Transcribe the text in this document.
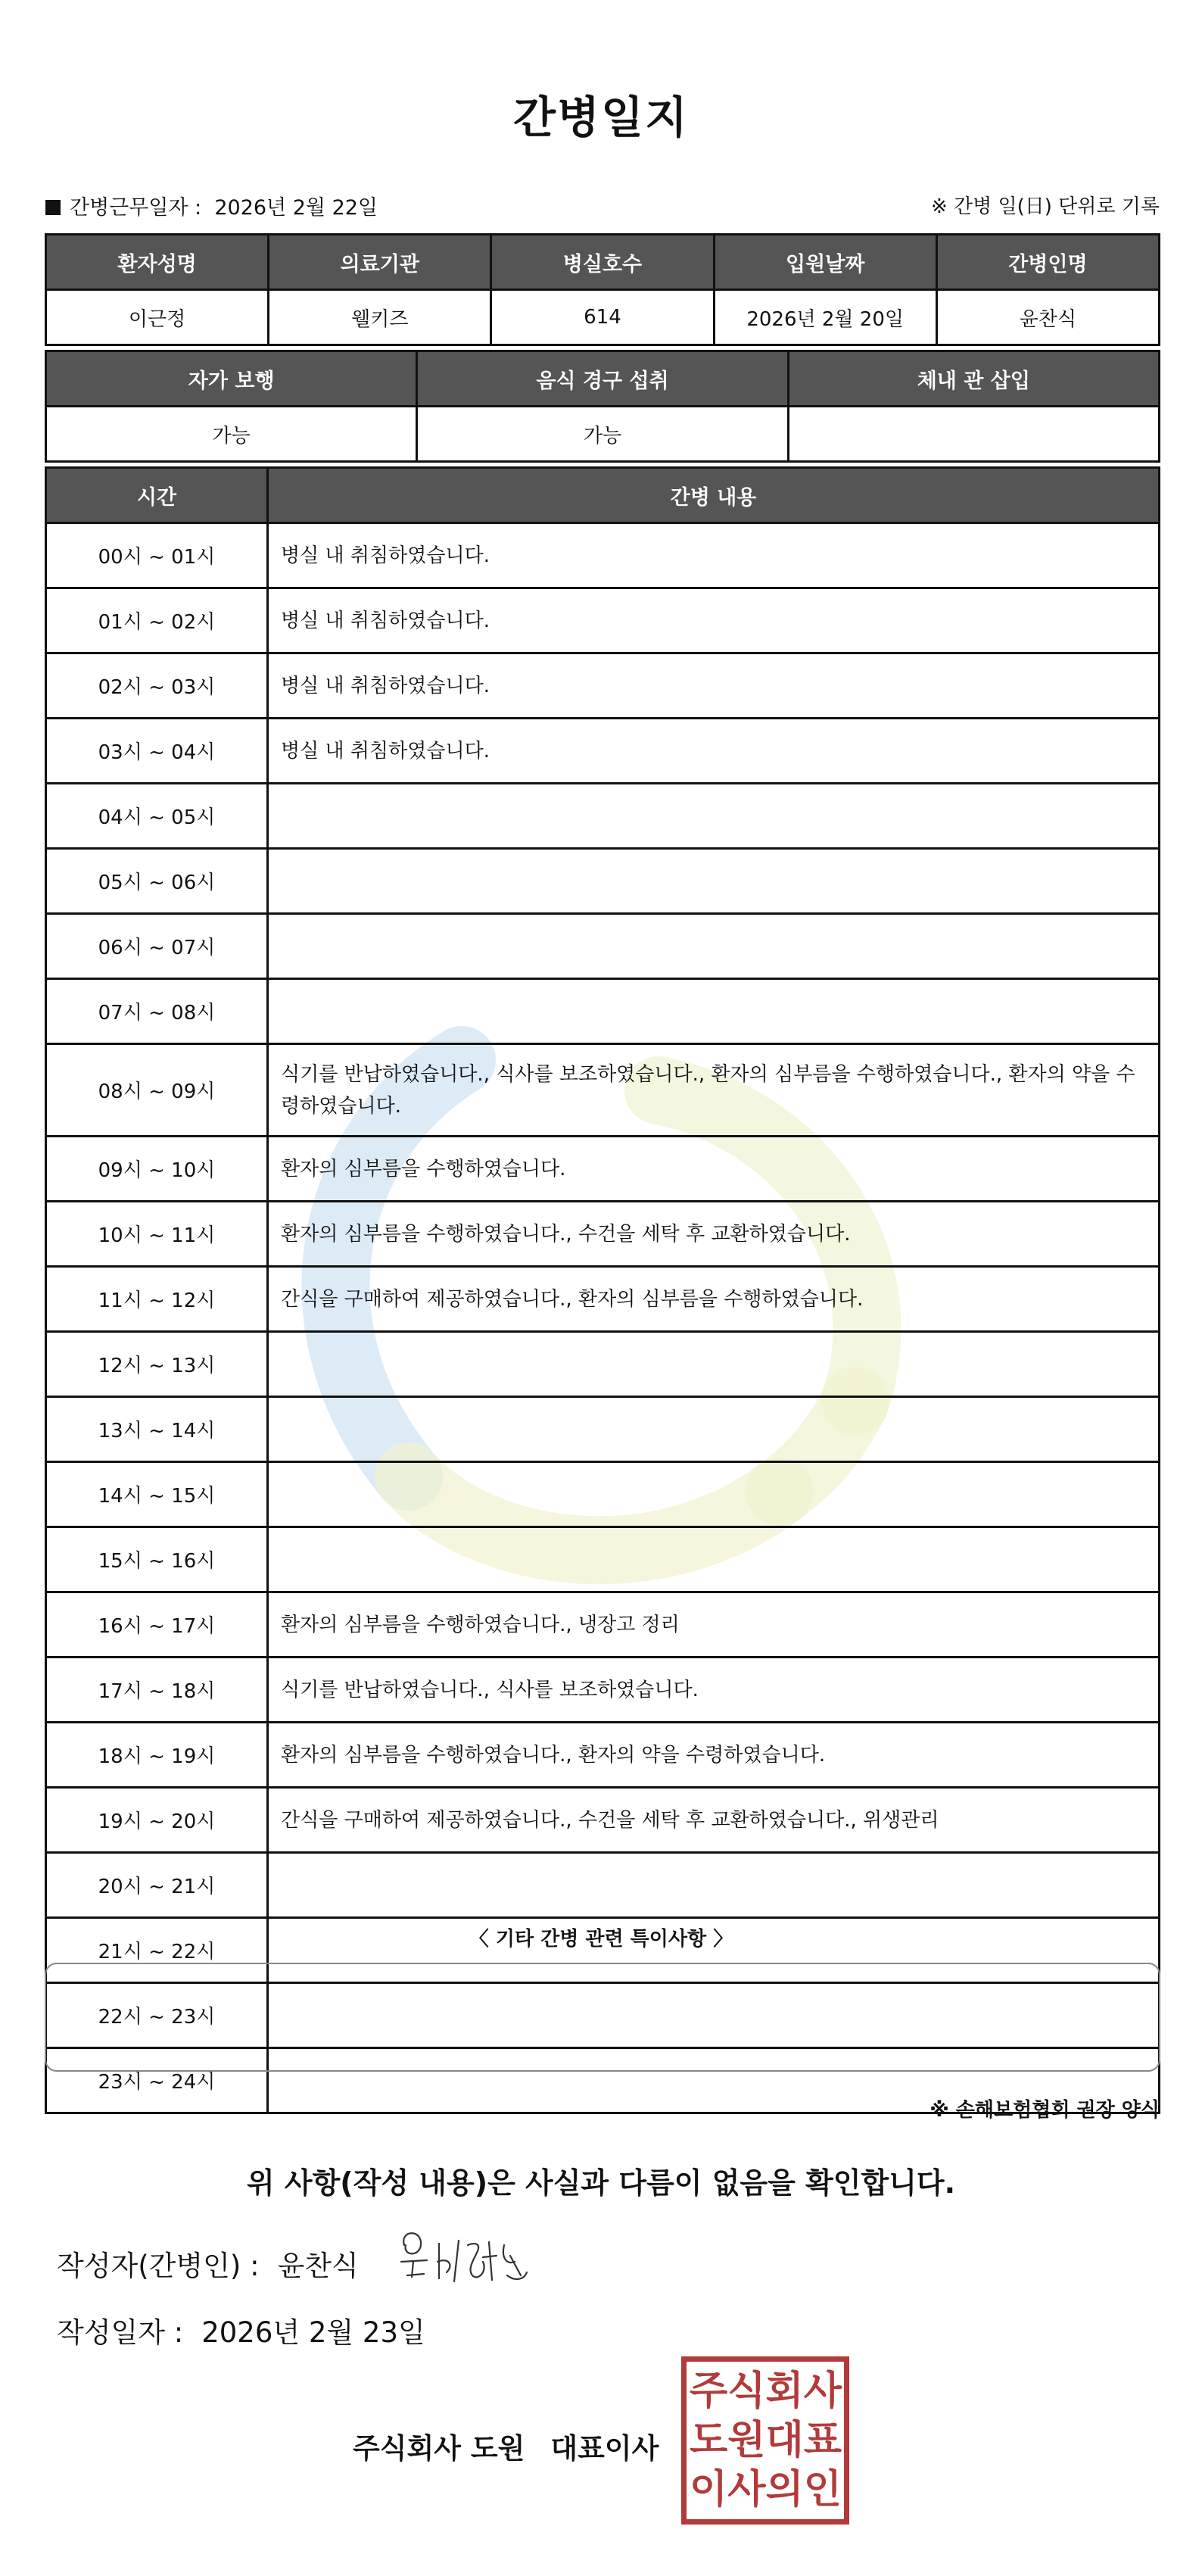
간병일지
간병근무일자 : 2026년 2월 22일	※ 간병 일(日) 단위로 기록
환자성명	의료기관	병실호수	입원날짜	간병인명
이근정	웰키즈	614	2026년 2월 20일	윤찬식
자가 보행	음식 경구 섭취	체내 관 삽입
가능	가능	
시간	간병 내용
00시 ~ 01시	병실 내 취침하였습니다.
01시 ~ 02시	병실 내 취침하였습니다.
02시 ~ 03시	병실 내 취침하였습니다.
03시 ~ 04시	병실 내 취침하였습니다.
04시 ~ 05시	
05시 ~ 06시	
06시 ~ 07시	
07시 ~ 08시	
08시 ~ 09시	식기를 반납하였습니다., 식사를 보조하였습니다., 환자의 심부름을 수행하였습니다., 환자의 약을 수령하였습니다.
09시 ~ 10시	환자의 심부름을 수행하였습니다.
10시 ~ 11시	환자의 심부름을 수행하였습니다., 수건을 세탁 후 교환하였습니다.
11시 ~ 12시	간식을 구매하여 제공하였습니다., 환자의 심부름을 수행하였습니다.
12시 ~ 13시	
13시 ~ 14시	
14시 ~ 15시	
15시 ~ 16시	
16시 ~ 17시	환자의 심부름을 수행하였습니다., 냉장고 정리
17시 ~ 18시	식기를 반납하였습니다., 식사를 보조하였습니다.
18시 ~ 19시	환자의 심부름을 수행하였습니다., 환자의 약을 수령하였습니다.
19시 ~ 20시	간식을 구매하여 제공하였습니다., 수건을 세탁 후 교환하였습니다., 위생관리
20시 ~ 21시	
21시 ~ 22시	
22시 ~ 23시	
23시 ~ 24시	
〈 기타 간병 관련 특이사항 〉
※ 손해보험협회 권장 양식
위 사항(작성 내용)은 사실과 다름이 없음을 확인합니다.
작성자(간병인) : 윤찬식
작성일자 : 2026년 2월 23일
주식회사 도원 대표이사
주 식 회 사
도 원 대 표
이 사 의 인
